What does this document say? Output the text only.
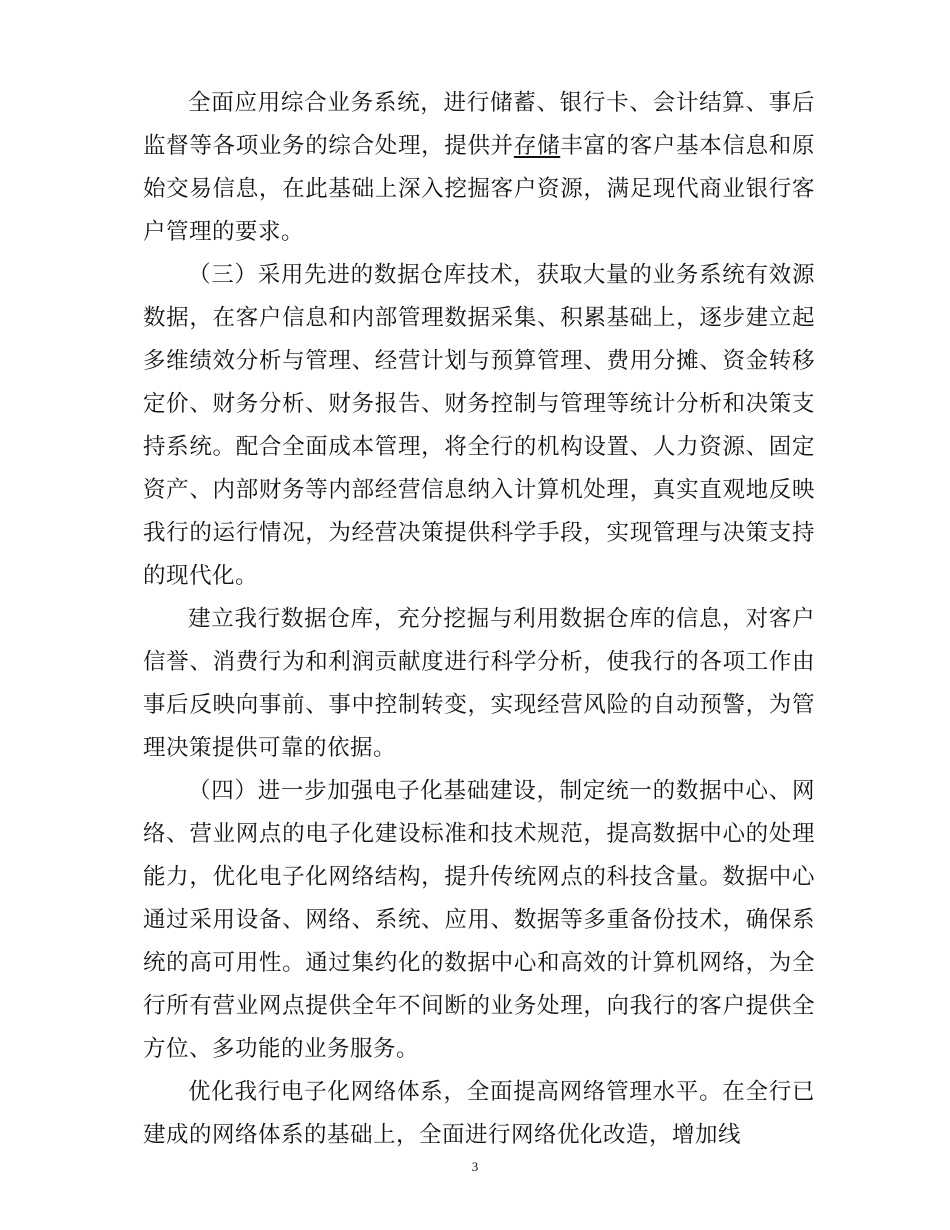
全面应用综合业务系统，进行储蓄、银行卡、会计结算、事后监督等各项业务的综合处理，提供并存储丰富的客户基本信息和原始交易信息，在此基础上深入挖掘客户资源，满足现代商业银行客户管理的要求。

（三）采用先进的数据仓库技术，获取大量的业务系统有效源数据，在客户信息和内部管理数据采集、积累基础上，逐步建立起多维绩效分析与管理、经营计划与预算管理、费用分摊、资金转移定价、财务分析、财务报告、财务控制与管理等统计分析和决策支持系统。配合全面成本管理，将全行的机构设置、人力资源、固定资产、内部财务等内部经营信息纳入计算机处理，真实直观地反映我行的运行情况，为经营决策提供科学手段，实现管理与决策支持的现代化。

建立我行数据仓库，充分挖掘与利用数据仓库的信息，对客户信誉、消费行为和利润贡献度进行科学分析，使我行的各项工作由事后反映向事前、事中控制转变，实现经营风险的自动预警，为管理决策提供可靠的依据。

（四）进一步加强电子化基础建设，制定统一的数据中心、网络、营业网点的电子化建设标准和技术规范，提高数据中心的处理能力，优化电子化网络结构，提升传统网点的科技含量。数据中心通过采用设备、网络、系统、应用、数据等多重备份技术，确保系统的高可用性。通过集约化的数据中心和高效的计算机网络，为全行所有营业网点提供全年不间断的业务处理，向我行的客户提供全方位、多功能的业务服务。

优化我行电子化网络体系，全面提高网络管理水平。在全行已建成的网络体系的基础上，全面进行网络优化改造，增加线

3
